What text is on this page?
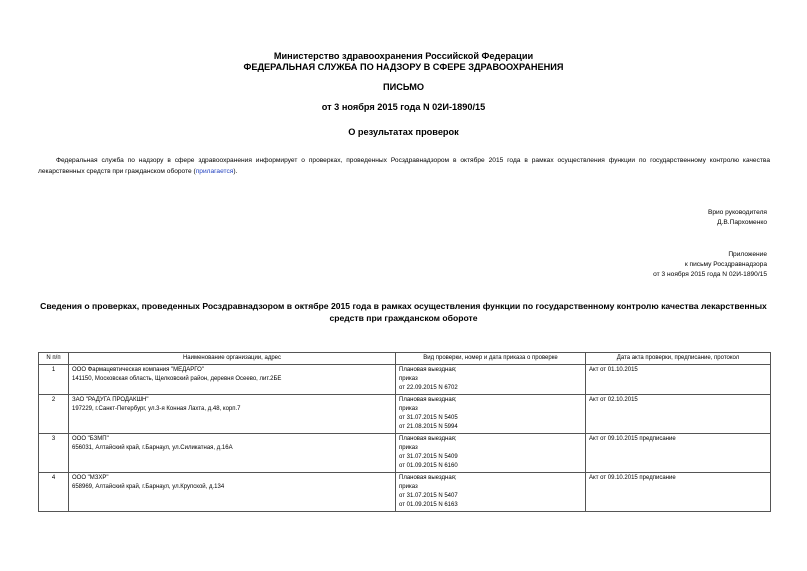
Министерство здравоохранения Российской Федерации
ФЕДЕРАЛЬНАЯ СЛУЖБА ПО НАДЗОРУ В СФЕРЕ ЗДРАВООХРАНЕНИЯ
ПИСЬМО
от 3 ноября 2015 года N 02И-1890/15
О результатах проверок
Федеральная служба по надзору в сфере здравоохранения информирует о проверках, проведенных Росздравнадзором в октябре 2015 года в рамках осуществления функции по государственному контролю качества лекарственных средств при гражданском обороте (прилагается).
Врио руководителя
Д.В.Пархоменко
Приложение
к письму Росздравнадзора
от 3 ноября 2015 года N 02И-1890/15
Сведения о проверках, проведенных Росздравнадзором в октябре 2015 года в рамках осуществления функции по государственному контролю качества лекарственных средств при гражданском обороте
N п/п	Наименование организации, адрес	Вид проверки, номер и дата приказа о проверке	Дата акта проверки, предписание, протокол
1	ООО Фармацевтическая компания "МЕДАРГО"
141150, Московская область, Щелковский район, деревня Осеево, лит.2БЕ	Плановая выездная;
приказ
от 22.09.2015 N 6702	Акт от 01.10.2015

2	ЗАО "РАДУГА ПРОДАКШН"
197229, г.Санкт-Петербург, ул.3-я Конная Лахта, д.48, корп.7	Плановая выездная;
приказ
от 31.07.2015 N 5405
от 21.08.2015 N 5994	Акт от 02.10.2015

3	ООО "БЗМП"
656031, Алтайский край, г.Барнаул, ул.Силикатная, д.16А	Плановая выездная;
приказ
от 31.07.2015 N 5409
от 01.09.2015 N 6160	Акт от 09.10.2015 предписание

4	ООО "МЗХР"
658969, Алтайский край, г.Барнаул, ул.Крупской, д.134	Плановая выездная;
приказ
от 31.07.2015 N 5407
от 01.09.2015 N 6163	Акт от 09.10.2015 предписание
